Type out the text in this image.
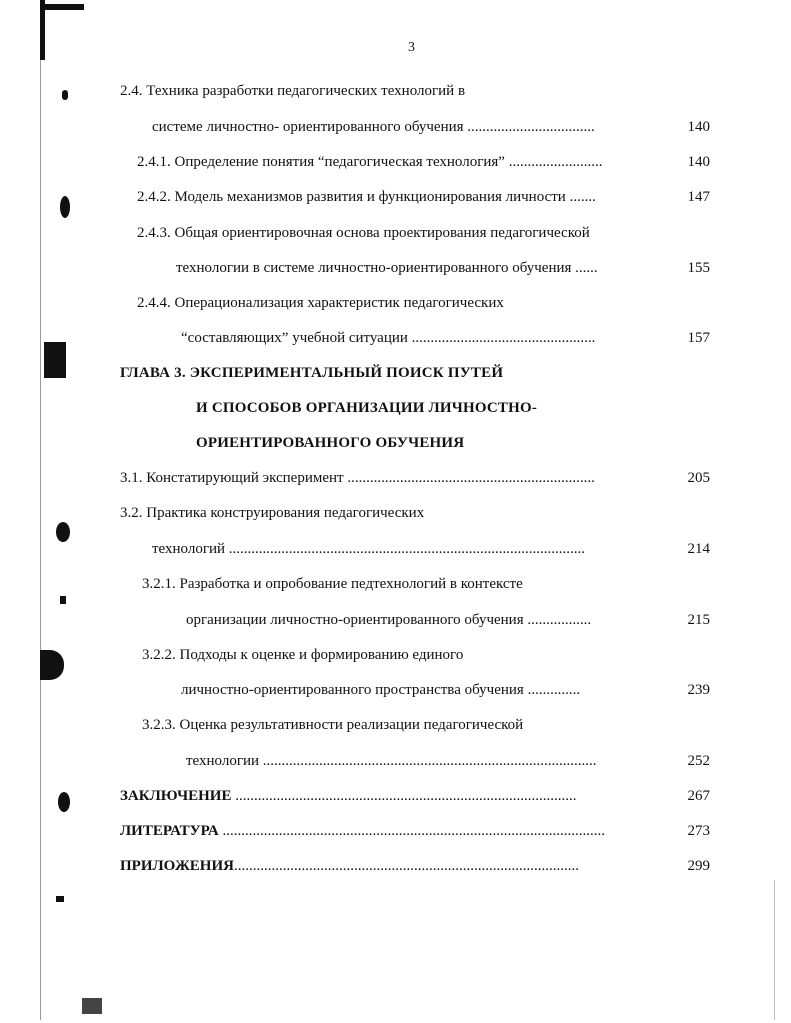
3
2.4. Техника разработки педагогических технологий в
системе личностно- ориентированного обучения ..................................	140
2.4.1. Определение понятия “педагогическая технология” .........................	140
2.4.2. Модель механизмов развития и функционирования личности .......	147
2.4.3. Общая ориентировочная основа проектирования педагогической
технологии в системе личностно-ориентированного обучения ......	155
2.4.4. Операционализация характеристик педагогических
“составляющих” учебной ситуации .................................................	157
ГЛАВА 3. ЭКСПЕРИМЕНТАЛЬНЫЙ ПОИСК ПУТЕЙ
И СПОСОБОВ ОРГАНИЗАЦИИ ЛИЧНОСТНО-
ОРИЕНТИРОВАННОГО ОБУЧЕНИЯ
3.1. Констатирующий эксперимент ..................................................................	205
3.2. Практика конструирования педагогических
технологий ...............................................................................................	214
3.2.1. Разработка и опробование педтехнологий в контексте
организации личностно-ориентированного обучения .................	215
3.2.2. Подходы к оценке и формированию единого
личностно-ориентированного пространства обучения ..............	239
3.2.3. Оценка результативности реализации педагогической
технологии .........................................................................................	252
ЗАКЛЮЧЕНИЕ ...........................................................................................	267
ЛИТЕРАТУРА ......................................................................................................	273
ПРИЛОЖЕНИЯ............................................................................................	299
